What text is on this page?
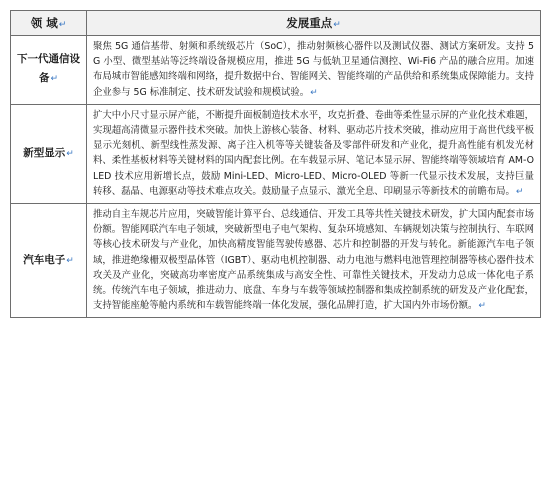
领 域↵	发展重点↵
下一代通信设备↵	聚焦 5G 通信基带、射频和系统级芯片（SoC），推动射频核心器件以及测试仪器、测试方案研发。支持 5G 小型、微型基站等泛终端设备规模应用，推进 5G 与低轨卫星通信测控、Wi-Fi6 产品的融合应用。加速布局城市智能感知终端和网络，提升数据中台、智能网关、智能终端的产品供给和系统集成保障能力。支持企业参与 5G 标准制定、技术研发试验和规模试验。↵
新型显示↵	扩大中小尺寸显示屏产能，不断提升面板制造技术水平，攻克折叠、卷曲等柔性显示屏的产业化技术难题，实现超高清微显示器件技术突破。加快上游核心装备、材料、驱动芯片技术突破，推动应用于高世代线平板显示光刻机、新型线性蒸发源、离子注入机等等关键装备及零部件研发和产业化，提升高性能有机发光材料、柔性基板材料等关键材料的国内配套比例。在车载显示屏、笔记本显示屏、智能终端等领域培育 AM-OLED 技术应用新增长点，鼓励 Mini-LED、Micro-LED、Micro-OLED 等新一代显示技术发展，支持巨量转移、磊晶、电源驱动等技术难点攻关。鼓励量子点显示、激光全息、印刷显示等新技术的前瞻布局。↵
汽车电子↵	推动自主车规芯片应用，突破智能计算平台、总线通信、开发工具等共性关键技术研发，扩大国内配套市场份额。智能网联汽车电子领域，突破新型电子电气架构、复杂环境感知、车辆规划决策与控制执行、车联网等核心技术研发与产业化，加快高精度智能驾驶传感器、芯片和控制器的开发与转化。新能源汽车电子领域，推进绝缘栅双极型晶体管（IGBT）、驱动电机控制器、动力电池与燃料电池管理控制器等核心器件技术攻关及产业化，突破高功率密度产品系统集成与高安全性、可靠性关键技术，开发动力总成一体化电子系统。传统汽车电子领域，推进动力、底盘、车身与车载等领域控制器和集成控制系统的研发及产业化配套，支持智能座舱等舱内系统和车载智能终端一体化发展，强化品牌打造，扩大国内外市场份额。↵
